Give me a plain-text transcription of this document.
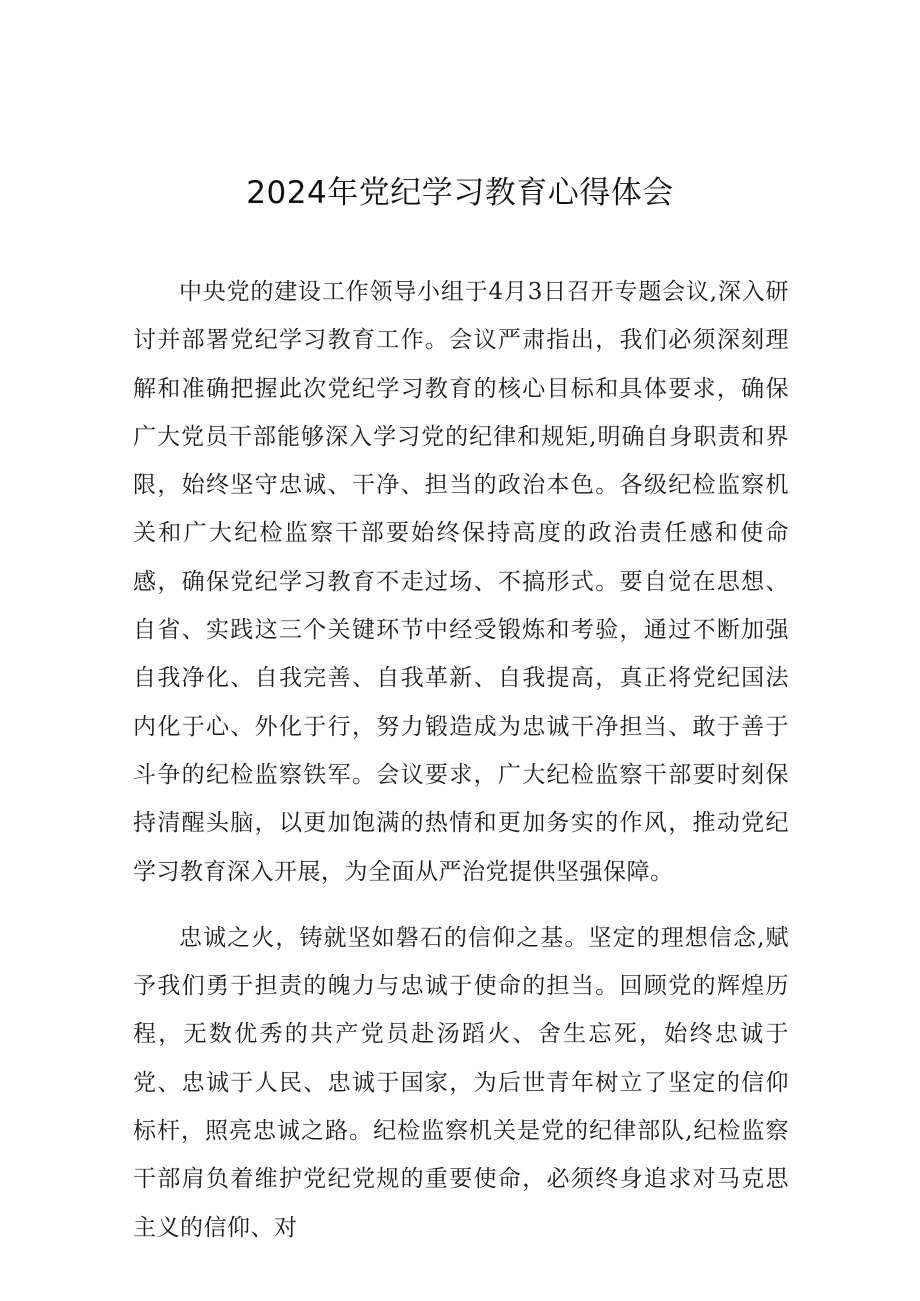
2024年党纪学习教育心得体会

中央党的建设工作领导小组于4月3日召开专题会议,深入研讨并部署党纪学习教育工作。会议严肃指出，我们必须深刻理解和准确把握此次党纪学习教育的核心目标和具体要求，确保广大党员干部能够深入学习党的纪律和规矩,明确自身职责和界限，始终坚守忠诚、干净、担当的政治本色。各级纪检监察机关和广大纪检监察干部要始终保持高度的政治责任感和使命感，确保党纪学习教育不走过场、不搞形式。要自觉在思想、自省、实践这三个关键环节中经受锻炼和考验，通过不断加强自我净化、自我完善、自我革新、自我提高，真正将党纪国法内化于心、外化于行，努力锻造成为忠诚干净担当、敢于善于斗争的纪检监察铁军。会议要求，广大纪检监察干部要时刻保持清醒头脑，以更加饱满的热情和更加务实的作风，推动党纪学习教育深入开展，为全面从严治党提供坚强保障。

忠诚之火，铸就坚如磐石的信仰之基。坚定的理想信念,赋予我们勇于担责的魄力与忠诚于使命的担当。回顾党的辉煌历程，无数优秀的共产党员赴汤蹈火、舍生忘死，始终忠诚于党、忠诚于人民、忠诚于国家，为后世青年树立了坚定的信仰标杆，照亮忠诚之路。纪检监察机关是党的纪律部队,纪检监察干部肩负着维护党纪党规的重要使命，必须终身追求对马克思主义的信仰、对
